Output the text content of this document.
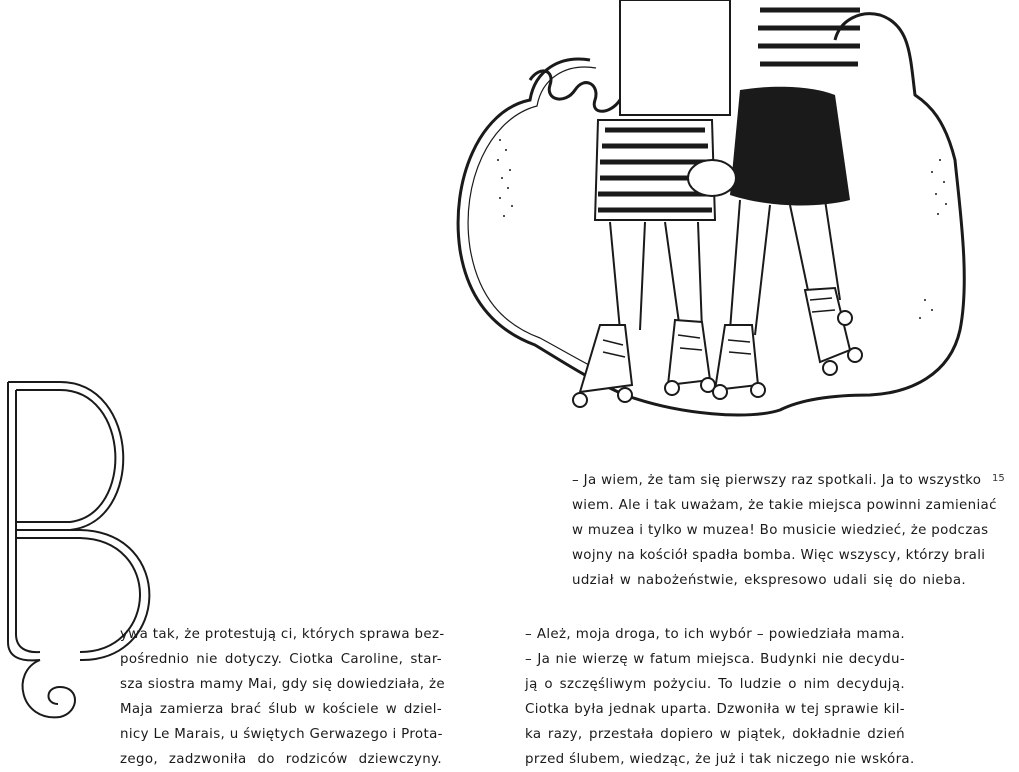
ywa tak, że protestują ci, których sprawa bez-
pośrednio nie dotyczy. Ciotka Caroline, star-
sza siostra mamy Mai, gdy się dowiedziała, że
Maja zamierza brać ślub w kościele w dziel-
nicy Le Marais, u świętych Gerwazego i Prota-
zego, zadzwoniła do rodziców dziewczyny.

– Ja wiem, że tam się pierwszy raz spotkali. Ja to wszystko
wiem. Ale i tak uważam, że takie miejsca powinni zamieniać
w muzea i tylko w muzea! Bo musicie wiedzieć, że podczas
wojny na kościół spadła bomba. Więc wszyscy, którzy brali
udział w nabożeństwie, ekspresowo udali się do nieba.

– Ależ, moja droga, to ich wybór – powiedziała mama.
– Ja nie wierzę w fatum miejsca. Budynki nie decydu-
ją o szczęśliwym pożyciu. To ludzie o nim decydują.
Ciotka była jednak uparta. Dzwoniła w tej sprawie kil-
ka razy, przestała dopiero w piątek, dokładnie dzień
przed ślubem, wiedząc, że już i tak niczego nie wskóra.

15
